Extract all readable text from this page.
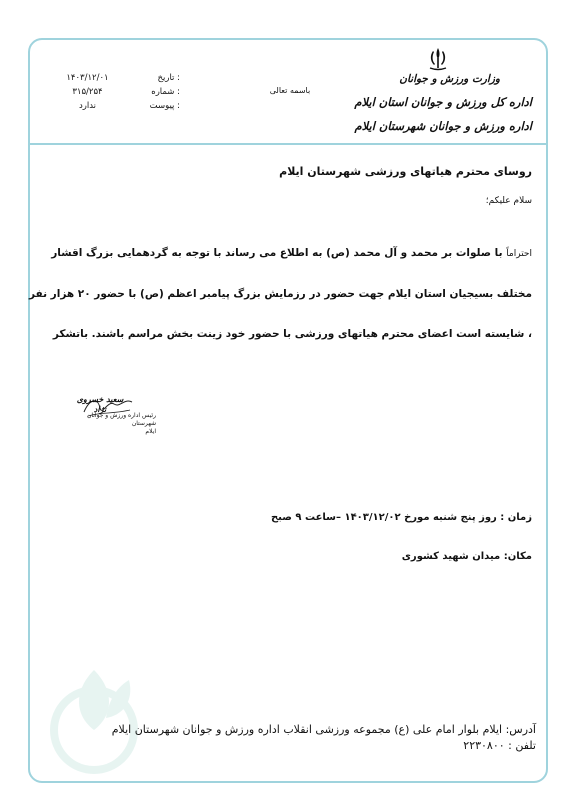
وزارت ورزش و جوانان
اداره کل ورزش و جوانان استان ایلام
اداره ورزش و جوانان شهرستان ایلام
باسمه تعالی
تاریخ :
۱۴۰۳/۱۲/۰۱
شماره :
۳۱۵/۲۵۴
پیوست :
ندارد
روسای محترم هیاتهای ورزشی شهرستان ایلام
سلام علیکم؛
احتراماً با صلوات بر محمد و آل محمد (ص) به اطلاع می رساند با توجه به گردهمایی بزرگ اقشار
مختلف بسیجیان استان ایلام جهت حضور در رزمایش بزرگ پیامبر اعظم (ص) با حضور ۲۰ هزار نفر
، شایسته است اعضای محترم هیاتهای ورزشی با حضور خود زینت بخش مراسم باشند. باتشکر
سعید خسروی نژاد
رئیس اداره ورزش و جوانان شهرستان
ایلام
زمان : روز پنج شنبه مورخ ۱۴۰۳/۱۲/۰۲ –ساعت ۹ صبح
مکان: میدان شهید کشوری
آدرس: ایلام بلوار امام علی (ع) مجموعه ورزشی انقلاب اداره ورزش و جوانان شهرستان ایلام
تلفن : ۲۲۳۰۸۰۰
